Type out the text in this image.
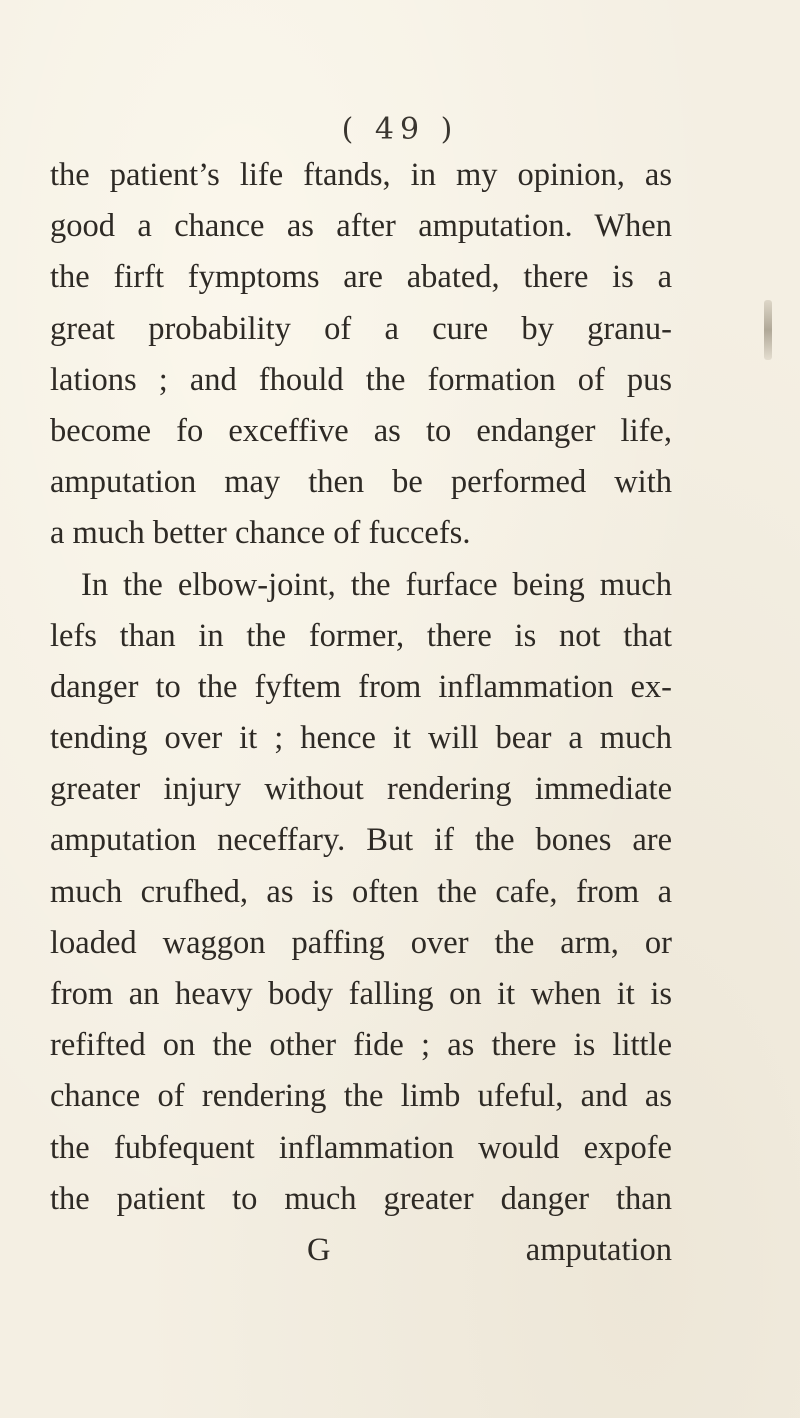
( 49 )
the patient’s life ftands, in my opinion, as
good a chance as after amputation. When
the firft fymptoms are abated, there is a
great probability of a cure by granu-
lations ; and fhould the formation of pus
become fo exceffive as to endanger life,
amputation may then be performed with
a much better chance of fuccefs.
In the elbow-joint, the furface being much
lefs than in the former, there is not that
danger to the fyftem from inflammation ex-
tending over it ; hence it will bear a much
greater injury without rendering immediate
amputation neceffary. But if the bones are
much crufhed, as is often the cafe, from a
loaded waggon paffing over the arm, or
from an heavy body falling on it when it is
refifted on the other fide ; as there is little
chance of rendering the limb ufeful, and as
the fubfequent inflammation would expofe
the patient to much greater danger than
G	amputation
